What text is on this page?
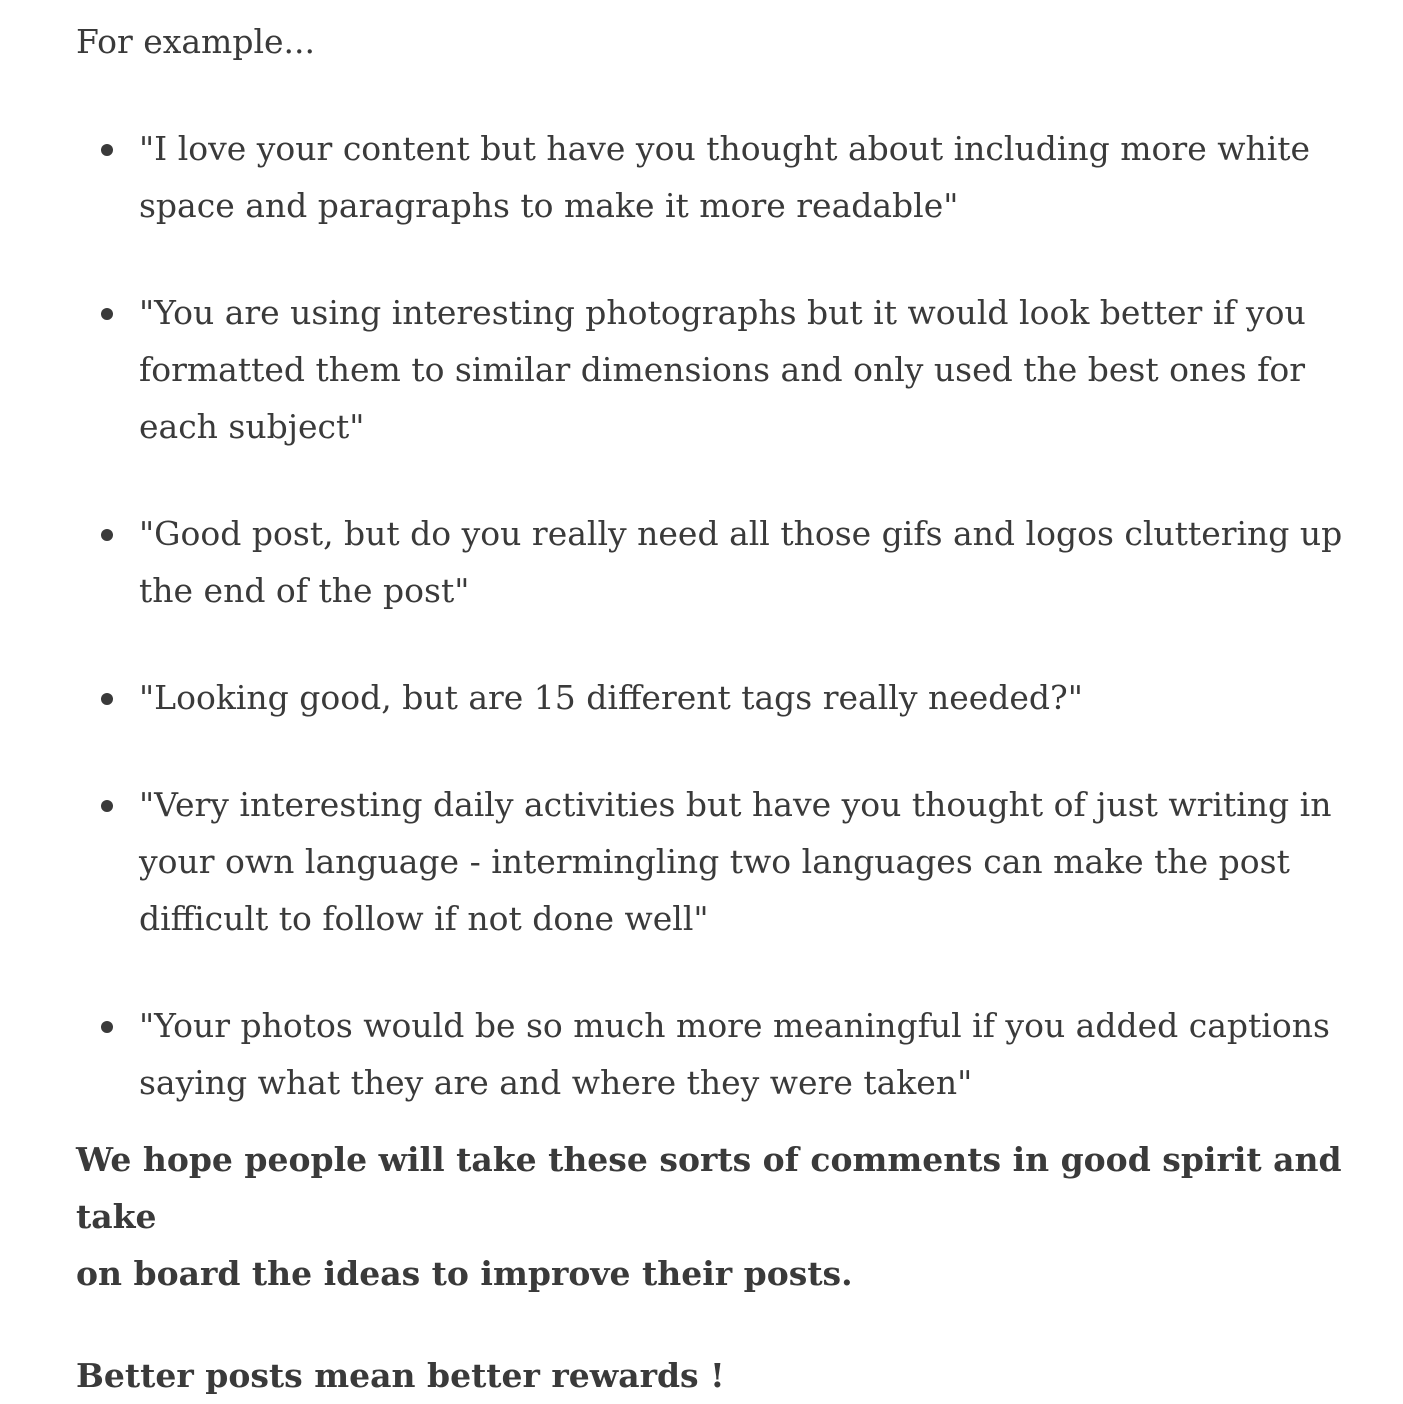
For example...

"I love your content but have you thought about including more white
space and paragraphs to make it more readable"
"You are using interesting photographs but it would look better if you
formatted them to similar dimensions and only used the best ones for
each subject"
"Good post, but do you really need all those gifs and logos cluttering up
the end of the post"
"Looking good, but are 15 different tags really needed?"
"Very interesting daily activities but have you thought of just writing in
your own language - intermingling two languages can make the post
difficult to follow if not done well"
"Your photos would be so much more meaningful if you added captions
saying what they are and where they were taken"

We hope people will take these sorts of comments in good spirit and take
on board the ideas to improve their posts.

Better posts mean better rewards !
